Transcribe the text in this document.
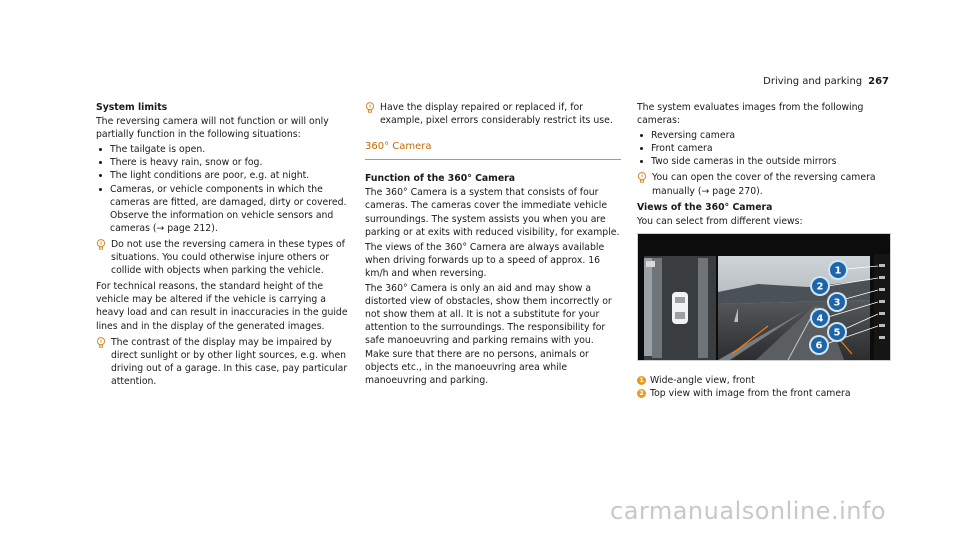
Driving and parking 267
System limits

The reversing camera will not function or will only partially function in the following situations:

The tailgate is open.
There is heavy rain, snow or fog.
The light conditions are poor, e.g. at night.
Cameras, or vehicle components in which the cameras are fitted, are damaged, dirty or covered. Observe the information on vehicle sensors and cameras (→ page 212).
Do not use the reversing camera in these types of situations. You could otherwise injure others or collide with objects when parking the vehicle.

For technical reasons, the standard height of the vehicle may be altered if the vehicle is carrying a heavy load and can result in inaccuracies in the guide lines and in the display of the generated images.

The contrast of the display may be impaired by direct sunlight or by other light sources, e.g. when driving out of a garage. In this case, pay particular attention.
Have the display repaired or replaced if, for example, pixel errors considerably restrict its use.
360° Camera
Function of the 360° Camera

The 360° Camera is a system that consists of four cameras. The cameras cover the immediate vehicle surroundings. The system assists you when you are parking or at exits with reduced visibility, for example.

The views of the 360° Camera are always available when driving forwards up to a speed of approx. 16 km/h and when reversing.

The 360° Camera is only an aid and may show a distorted view of obstacles, show them incorrectly or not show them at all. It is not a substitute for your attention to the surroundings. The responsibility for safe manoeuvring and parking remains with you. Make sure that there are no persons, animals or objects etc., in the manoeuvring area while manoeuvring and parking.

The system evaluates images from the following cameras:

Reversing camera
Front camera
Two side cameras in the outside mirrors
You can open the cover of the reversing camera manually (→ page 270).
Views of the 360° Camera

You can select from different views:

1
2
3
4
5
6
1 Wide-angle view, front
2 Top view with image from the front camera
carmanualsonline.info
